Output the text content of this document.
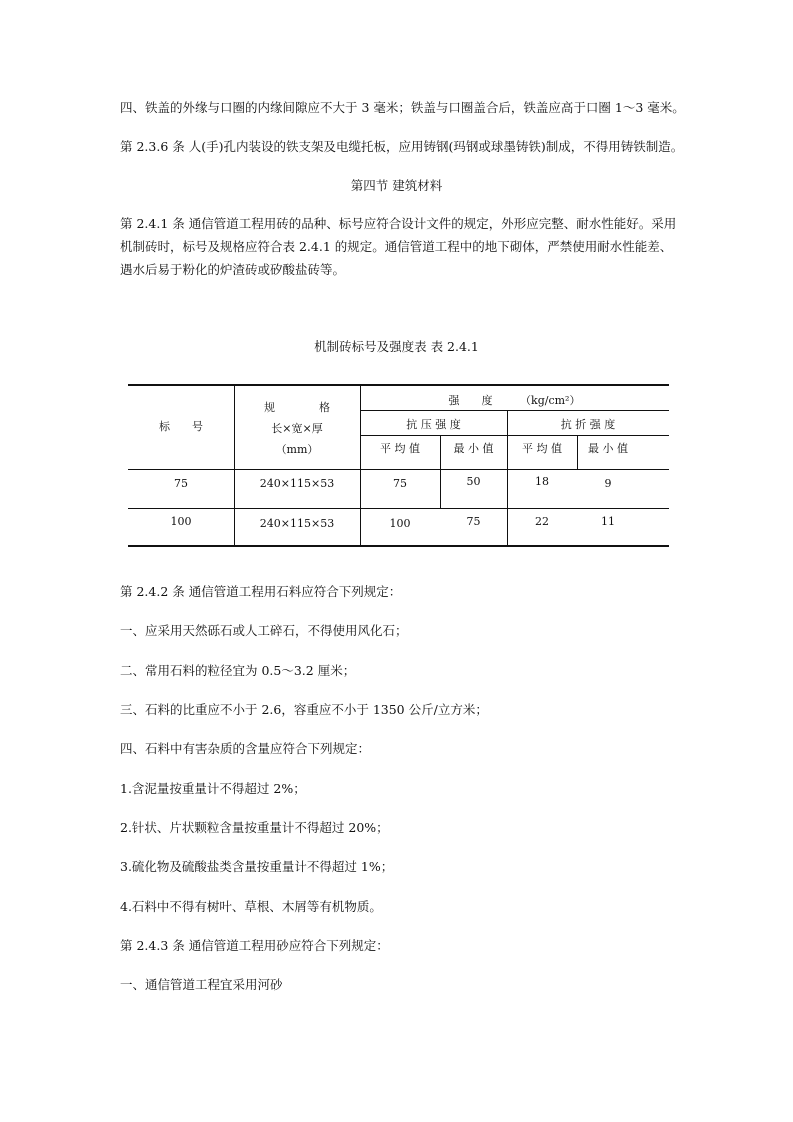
四、铁盖的外缘与口圈的内缘间隙应不大于 3 毫米；铁盖与口圈盖合后，铁盖应高于口圈 1～3 毫米。
第 2.3.6 条 人(手)孔内装设的铁支架及电缆托板，应用铸钢(玛钢或球墨铸铁)制成，不得用铸铁制造。
第四节 建筑材料
第 2.4.1 条 通信管道工程用砖的品种、标号应符合设计文件的规定，外形应完整、耐水性能好。采用机制砖时，标号及规格应符合表 2.4.1 的规定。通信管道工程中的地下砌体，严禁使用耐水性能差、遇水后易于粉化的炉渣砖或矽酸盐砖等。
机制砖标号及强度表 表 2.4.1
标　　号
规　　　　格
长×宽×厚
（mm）
强　　度　　　（kg/cm²）
抗 压 强 度	抗 折 强 度
平 均 值	最 小 值	平 均 值	最 小 值
75	240×115×53	75	50	18	9
100	240×115×53	100	75	22	11
第 2.4.2 条 通信管道工程用石料应符合下列规定：
一、应采用天然砾石或人工碎石，不得使用风化石；
二、常用石料的粒径宜为 0.5～3.2 厘米；
三、石料的比重应不小于 2.6，容重应不小于 1350 公斤/立方米；
四、石料中有害杂质的含量应符合下列规定：
1.含泥量按重量计不得超过 2%；
2.针状、片状颗粒含量按重量计不得超过 20%；
3.硫化物及硫酸盐类含量按重量计不得超过 1%；
4.石料中不得有树叶、草根、木屑等有机物质。
第 2.4.3 条 通信管道工程用砂应符合下列规定：
一、通信管道工程宜采用河砂
